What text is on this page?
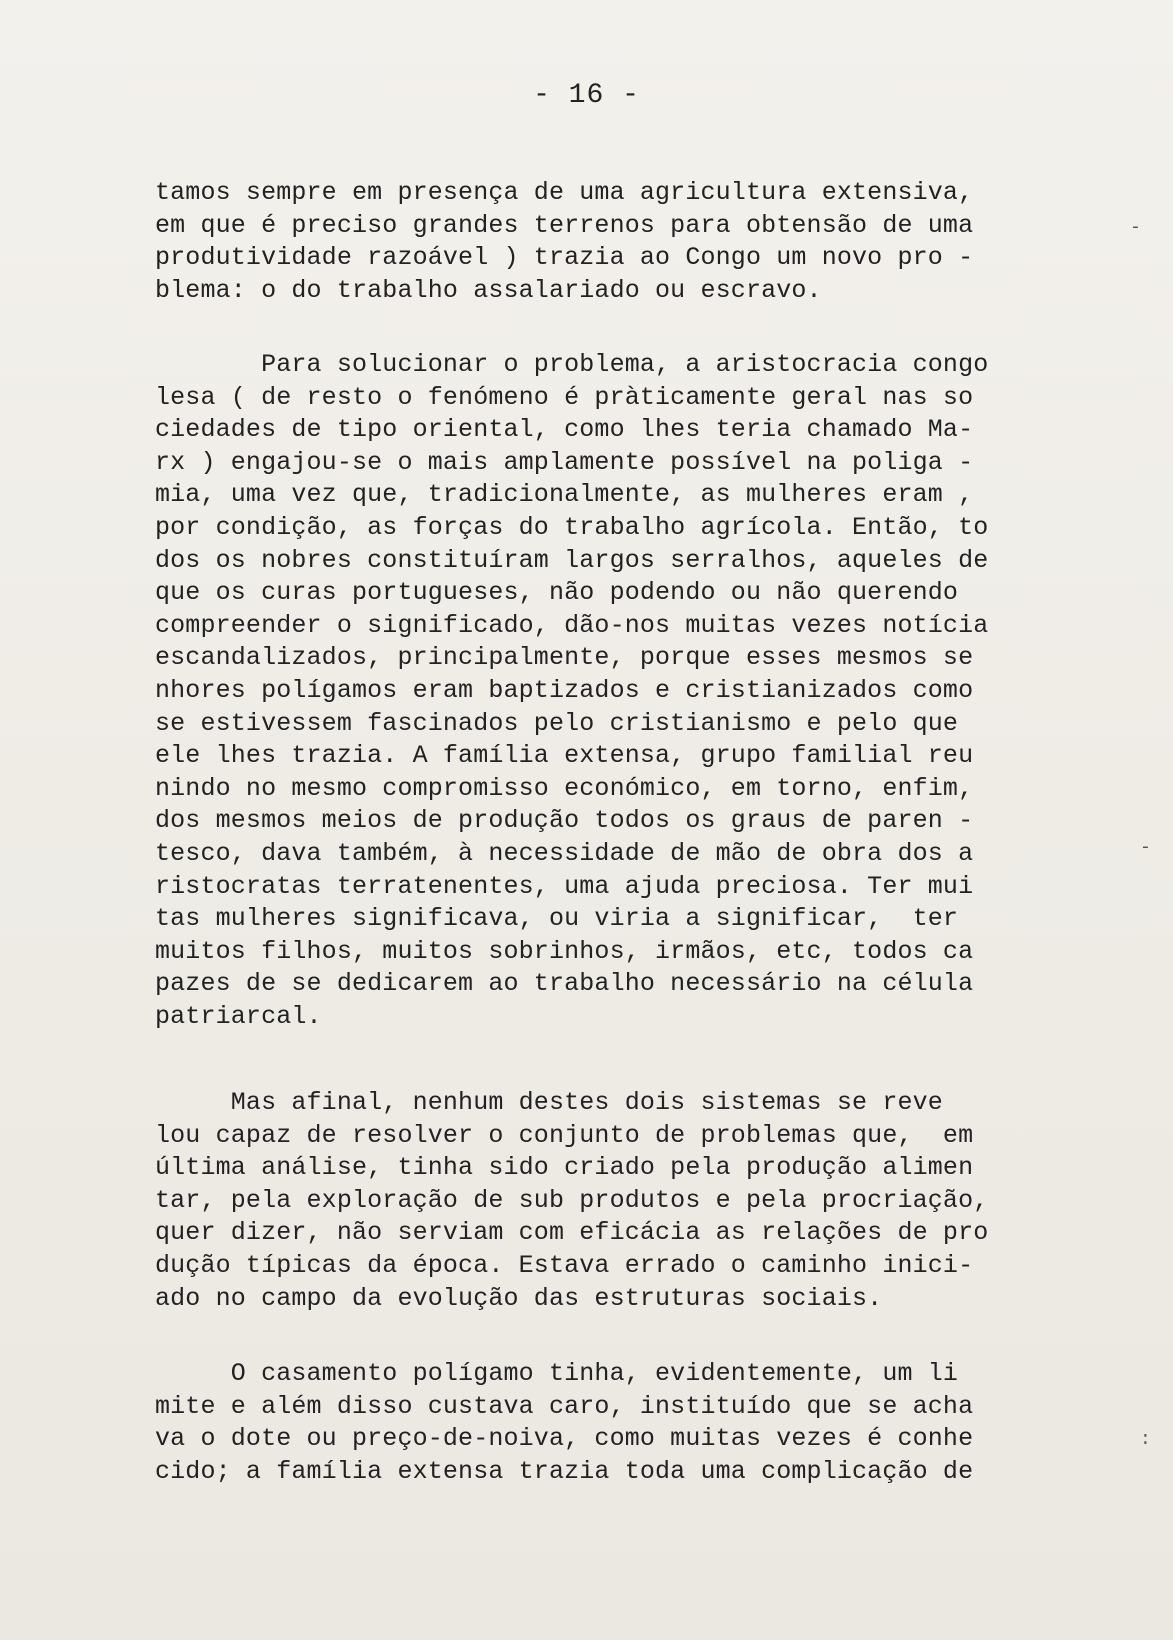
- 16 -
tamos sempre em presença de uma agricultura extensiva,
em que é preciso grandes terrenos para obtensão de uma
produtividade razoável ) trazia ao Congo um novo pro -
blema: o do trabalho assalariado ou escravo.
Para solucionar o problema, a aristocracia congo
lesa ( de resto o fenómeno é pràticamente geral nas so
ciedades de tipo oriental, como lhes teria chamado Ma-
rx ) engajou-se o mais amplamente possível na poliga -
mia, uma vez que, tradicionalmente, as mulheres eram ,
por condição, as forças do trabalho agrícola. Então, to
dos os nobres constituíram largos serralhos, aqueles de
que os curas portugueses, não podendo ou não querendo
compreender o significado, dão-nos muitas vezes notícia
escandalizados, principalmente, porque esses mesmos se
nhores polígamos eram baptizados e cristianizados como
se estivessem fascinados pelo cristianismo e pelo que
ele lhes trazia. A família extensa, grupo familial reu
nindo no mesmo compromisso económico, em torno, enfim,
dos mesmos meios de produção todos os graus de paren -
tesco, dava também, à necessidade de mão de obra dos a
ristocratas terratenentes, uma ajuda preciosa. Ter mui
tas mulheres significava, ou viria a significar,  ter
muitos filhos, muitos sobrinhos, irmãos, etc, todos ca
pazes de se dedicarem ao trabalho necessário na célula
patriarcal.
Mas afinal, nenhum destes dois sistemas se reve
lou capaz de resolver o conjunto de problemas que,  em
última análise, tinha sido criado pela produção alimen
tar, pela exploração de sub produtos e pela procriação,
quer dizer, não serviam com eficácia as relações de pro
dução típicas da época. Estava errado o caminho inici-
ado no campo da evolução das estruturas sociais.
O casamento polígamo tinha, evidentemente, um li
mite e além disso custava caro, instituído que se acha
va o dote ou preço-de-noiva, como muitas vezes é conhe
cido; a família extensa trazia toda uma complicação de
-
-
:
